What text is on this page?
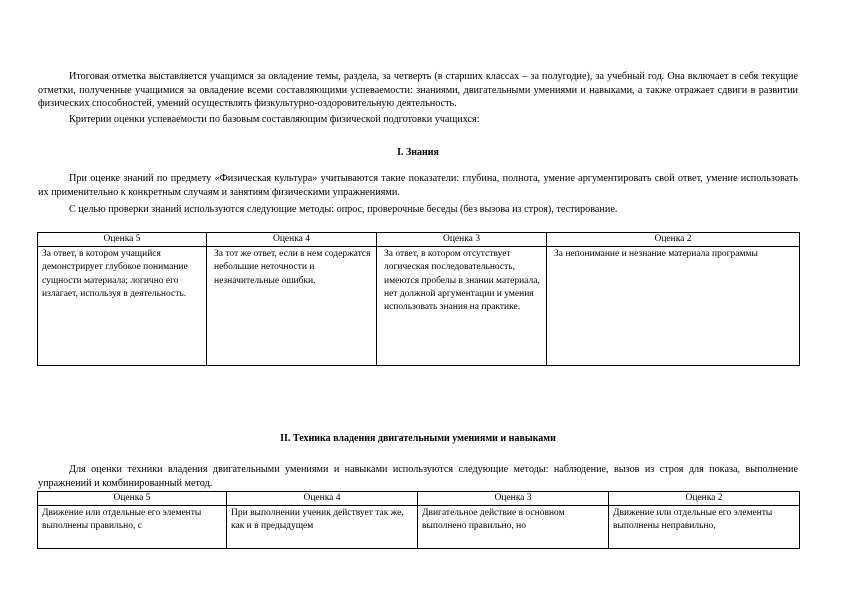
Итоговая отметка выставляется учащимся за овладение темы, раздела, за четверть (в старших классах – за полугодие), за учебный год. Она включает в себя текущие отметки, полученные учащимися за овладение всеми составляющими успеваемости: знаниями, двигательными умениями и навыками, а также отражает сдвиги в развитии физических способностей, умений осуществлять физкультурно-оздоровительную деятельность.

Критерии оценки успеваемости по базовым составляющим физической подготовки учащихся:

I. Знания

При оценке знаний по предмету «Физическая культура» учитываются такие показатели: глубина, полнота, умение аргументировать свой ответ, умение использовать их применительно к конкретным случаям и занятиям физическими упражнениями.

С целью проверки знаний используются следующие методы: опрос, проверочные беседы (без вызова из строя), тестирование.

Оценка 5	Оценка 4	Оценка 3	Оценка 2
За ответ, в котором учащийся демонстрирует глубокое понимание сущности материала; логично его излагает, используя в деятельность.	За тот же ответ, если в нем содержатся небольшие неточности и незначительные ошибки.	За ответ, в котором отсутствует логическая последовательность, имеются пробелы в знании материала, нет должной аргументации и умения использовать знания на практике.	За непонимание и незнание материала программы
II. Техника владения двигательными умениями и навыками

Для оценки техники владения двигательными умениями и навыками используются следующие методы: наблюдение, вызов из строя для показа, выполнение упражнений и комбинированный метод.

Оценка 5	Оценка 4	Оценка 3	Оценка 2

Движение или отдельные его элементы выполнены правильно, с	При выполнении ученик действует так же, как и в предыдущем	Двигательное действие в основном выполнено правильно, но	Движение или отдельные его элементы выполнены неправильно,
